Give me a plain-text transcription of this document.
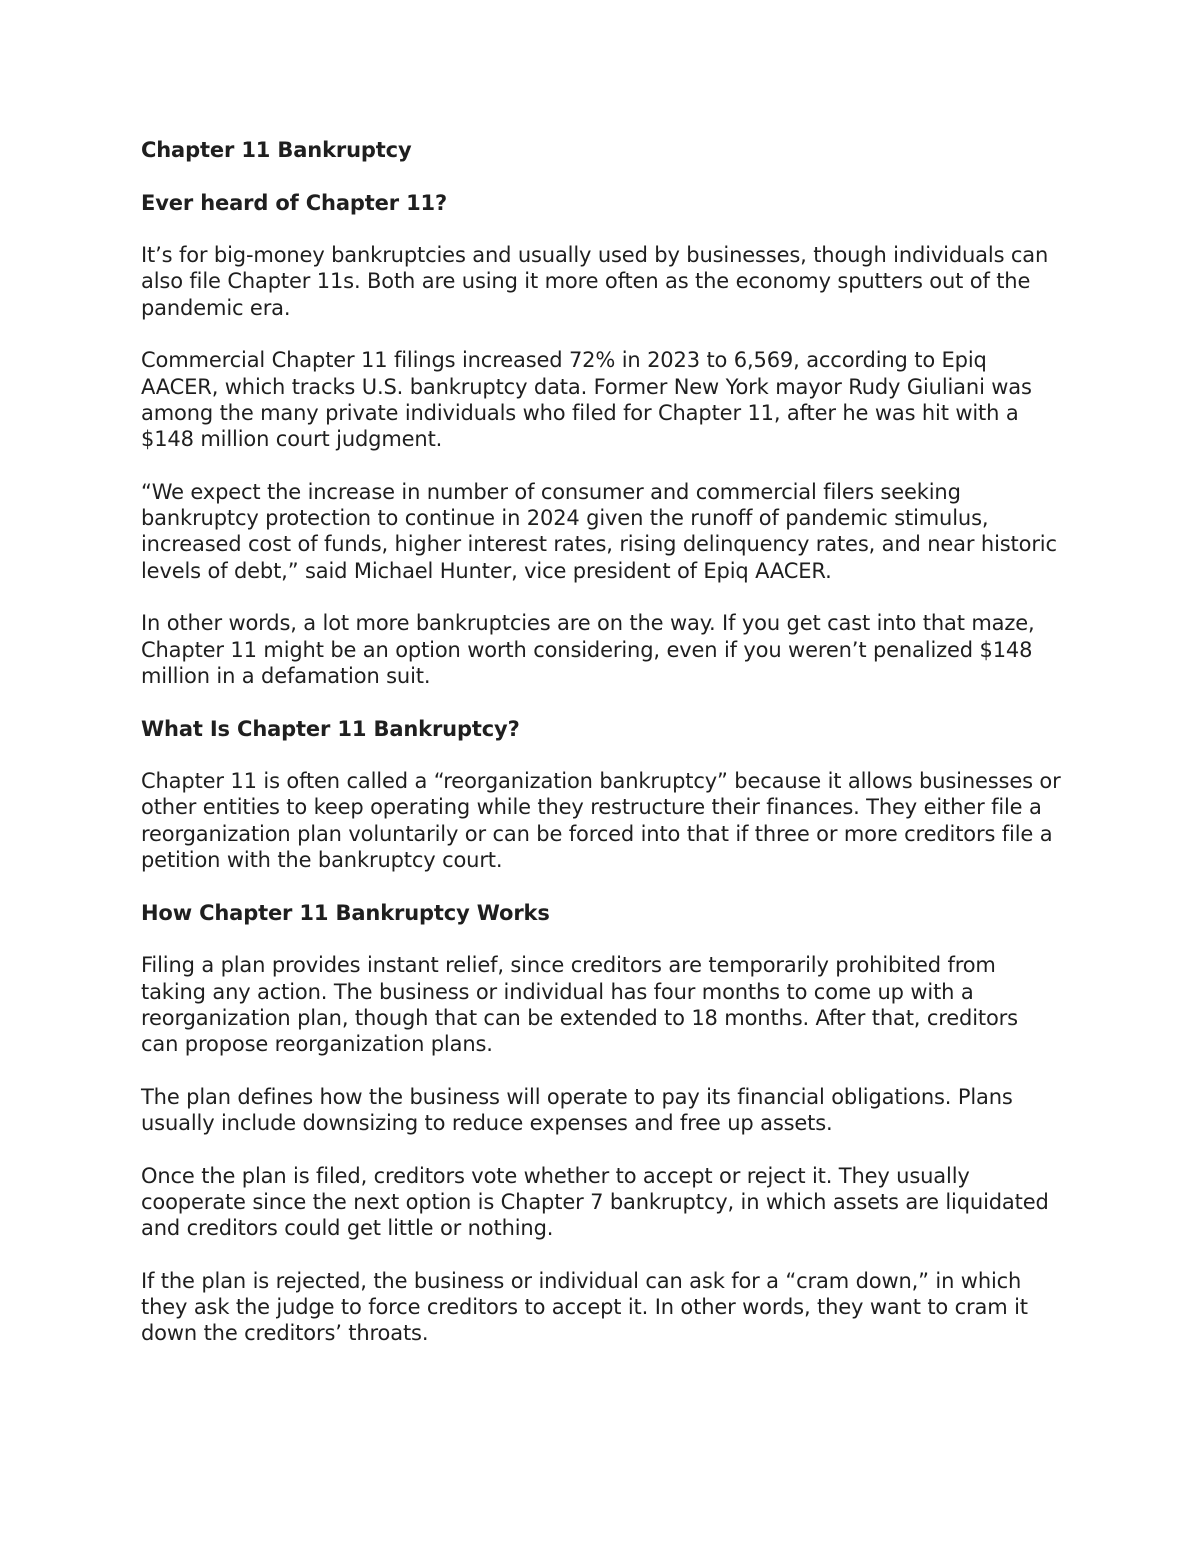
Chapter 11 Bankruptcy
Ever heard of Chapter 11?

It’s for big-money bankruptcies and usually used by businesses, though individuals can also file Chapter 11s. Both are using it more often as the economy sputters out of the pandemic era.

Commercial Chapter 11 filings increased 72% in 2023 to 6,569, according to Epiq AACER, which tracks U.S. bankruptcy data. Former New York mayor Rudy Giuliani was among the many private individuals who filed for Chapter 11, after he was hit with a $148 million court judgment.

“We expect the increase in number of consumer and commercial filers seeking bankruptcy protection to continue in 2024 given the runoff of pandemic stimulus, increased cost of funds, higher interest rates, rising delinquency rates, and near historic levels of debt,” said Michael Hunter, vice president of Epiq AACER.

In other words, a lot more bankruptcies are on the way. If you get cast into that maze, Chapter 11 might be an option worth considering, even if you weren’t penalized $148 million in a defamation suit.

What Is Chapter 11 Bankruptcy?

Chapter 11 is often called a “reorganization bankruptcy” because it allows businesses or other entities to keep operating while they restructure their finances. They either file a reorganization plan voluntarily or can be forced into that if three or more creditors file a petition with the bankruptcy court.

How Chapter 11 Bankruptcy Works

Filing a plan provides instant relief, since creditors are temporarily prohibited from taking any action. The business or individual has four months to come up with a reorganization plan, though that can be extended to 18 months. After that, creditors can propose reorganization plans.

The plan defines how the business will operate to pay its financial obligations. Plans usually include downsizing to reduce expenses and free up assets.

Once the plan is filed, creditors vote whether to accept or reject it. They usually cooperate since the next option is Chapter 7 bankruptcy, in which assets are liquidated and creditors could get little or nothing.

If the plan is rejected, the business or individual can ask for a “cram down,” in which they ask the judge to force creditors to accept it. In other words, they want to cram it down the creditors’ throats.
